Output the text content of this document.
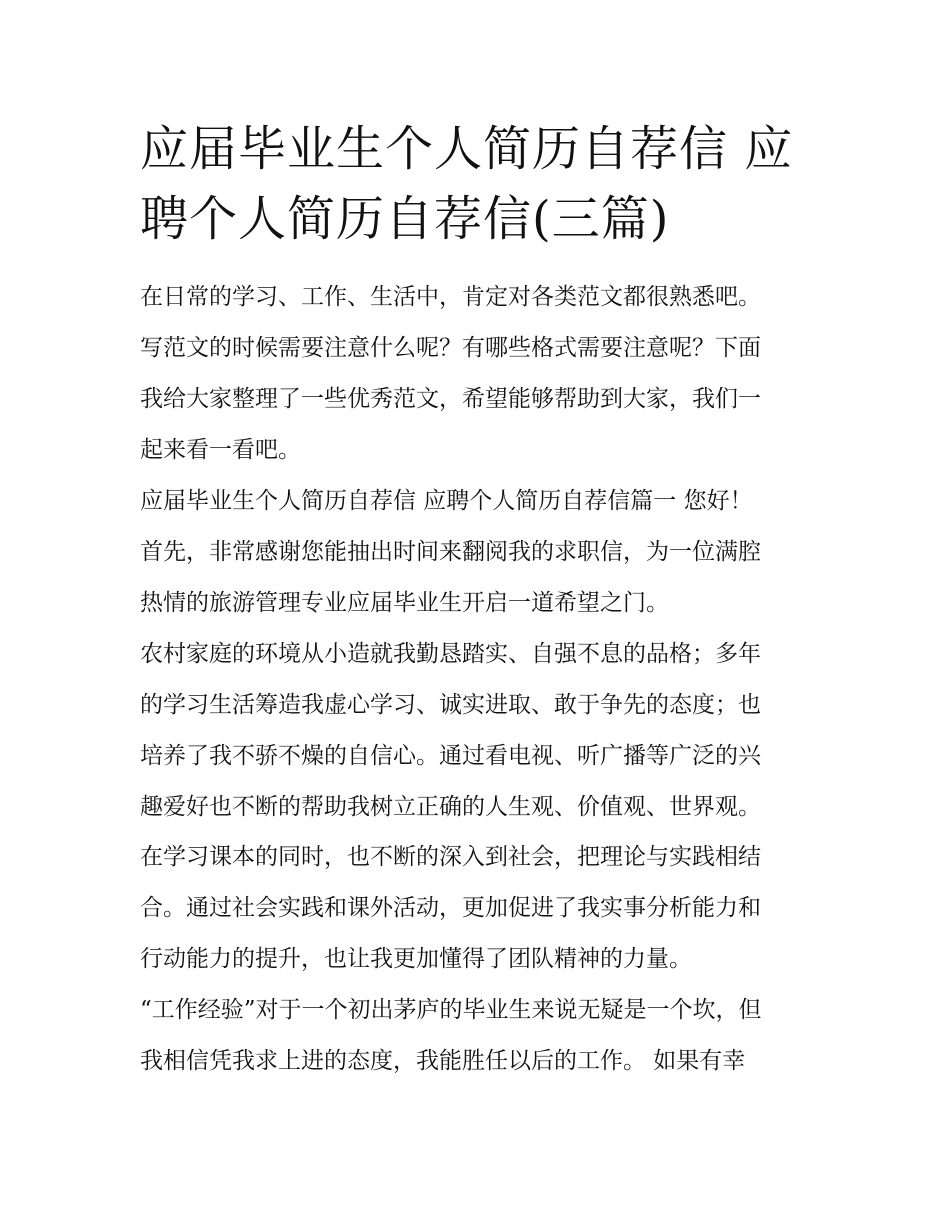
应届毕业生个人简历自荐信 应
聘个人简历自荐信(三篇)
在日常的学习、工作、生活中，肯定对各类范文都很熟悉吧。
写范文的时候需要注意什么呢？有哪些格式需要注意呢？下面
我给大家整理了一些优秀范文，希望能够帮助到大家，我们一
起来看一看吧。
应届毕业生个人简历自荐信 应聘个人简历自荐信篇一 您好！
首先，非常感谢您能抽出时间来翻阅我的求职信，为一位满腔
热情的旅游管理专业应届毕业生开启一道希望之门。
农村家庭的环境从小造就我勤恳踏实、自强不息的品格；多年
的学习生活筹造我虚心学习、诚实进取、敢于争先的态度；也
培养了我不骄不燥的自信心。通过看电视、听广播等广泛的兴
趣爱好也不断的帮助我树立正确的人生观、价值观、世界观。
在学习课本的同时，也不断的深入到社会，把理论与实践相结
合。通过社会实践和课外活动，更加促进了我实事分析能力和
行动能力的提升，也让我更加懂得了团队精神的力量。
“工作经验”对于一个初出茅庐的毕业生来说无疑是一个坎，但
我相信凭我求上进的态度，我能胜任以后的工作。 如果有幸
